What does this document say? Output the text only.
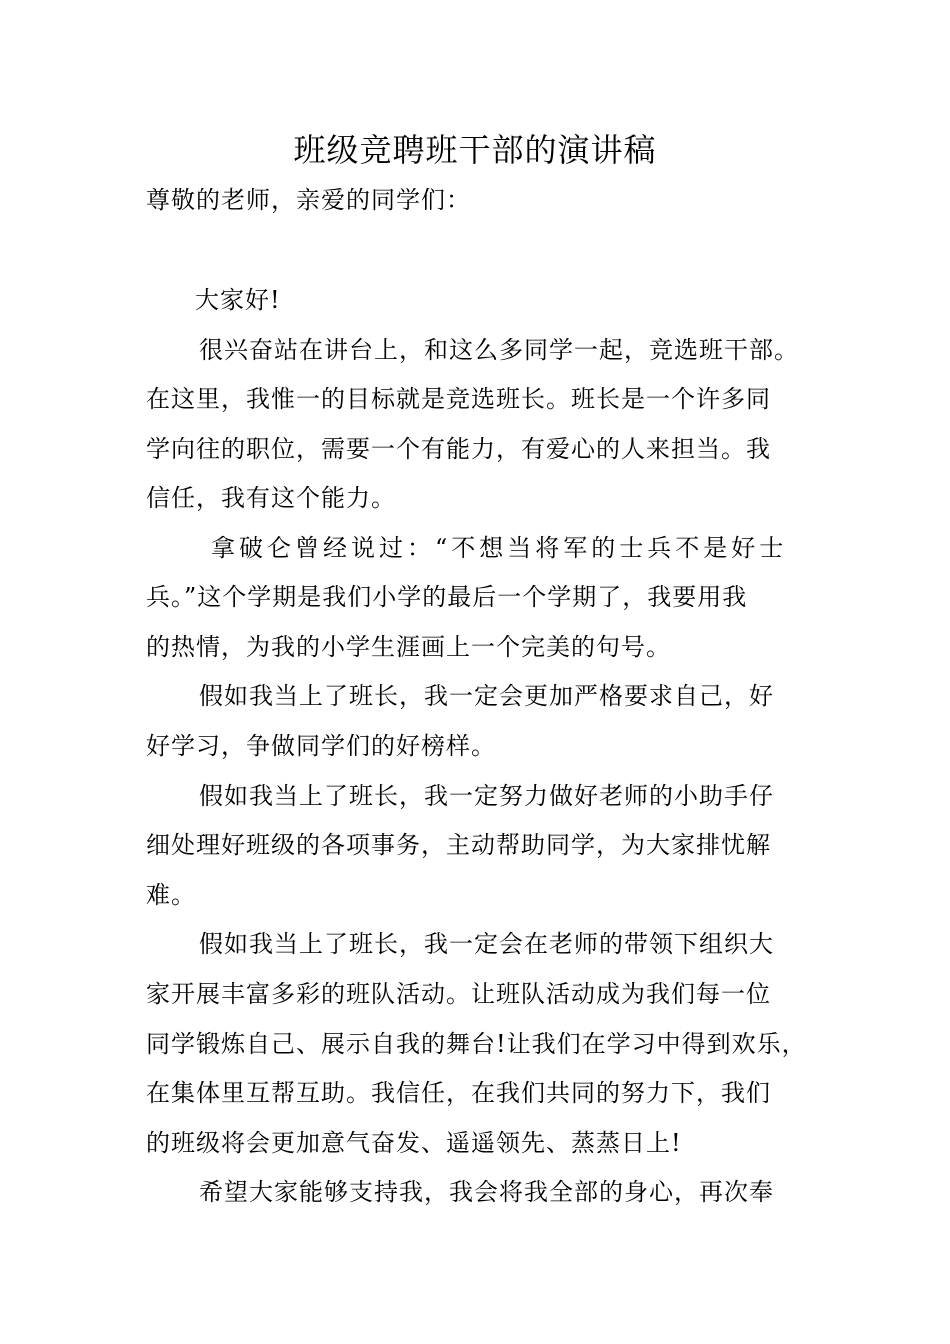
班级竞聘班干部的演讲稿
尊敬的老师，亲爱的同学们：
大家好!
很兴奋站在讲台上，和这么多同学一起，竞选班干部。
在这里，我惟一的目标就是竞选班长。班长是一个许多同
学向往的职位，需要一个有能力，有爱心的人来担当。我
信任，我有这个能力。
拿破仑曾经说过：“不想当将军的士兵不是好士
兵。”这个学期是我们小学的最后一个学期了，我要用我
的热情，为我的小学生涯画上一个完美的句号。
假如我当上了班长，我一定会更加严格要求自己，好
好学习，争做同学们的好榜样。
假如我当上了班长，我一定努力做好老师的小助手仔
细处理好班级的各项事务，主动帮助同学，为大家排忧解
难。
假如我当上了班长，我一定会在老师的带领下组织大
家开展丰富多彩的班队活动。让班队活动成为我们每一位
同学锻炼自己、展示自我的舞台!让我们在学习中得到欢乐，
在集体里互帮互助。我信任，在我们共同的努力下，我们
的班级将会更加意气奋发、遥遥领先、蒸蒸日上!
希望大家能够支持我，我会将我全部的身心，再次奉
